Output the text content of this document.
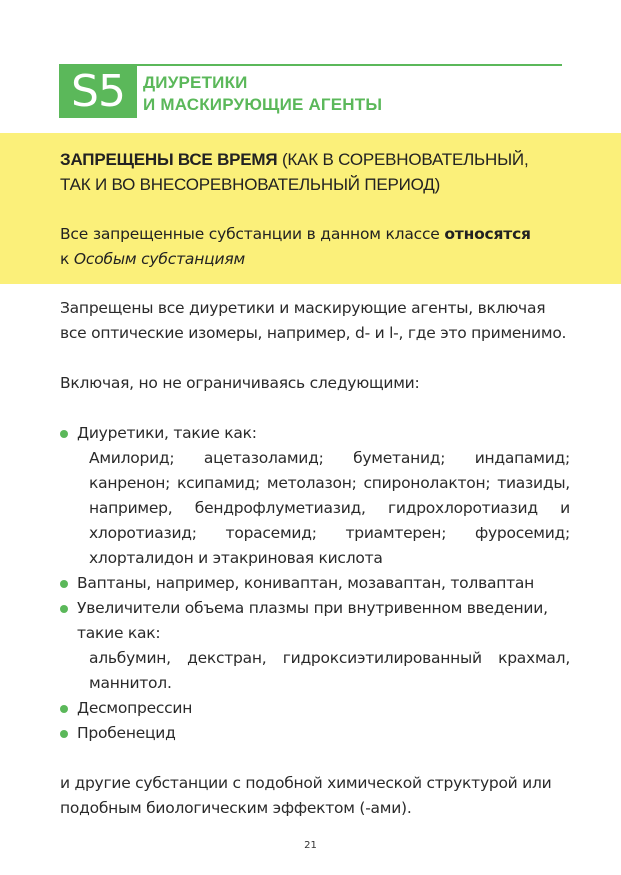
S5	ДИУРЕТИКИ
И МАСКИРУЮЩИЕ АГЕНТЫ
ЗАПРЕЩЕНЫ ВСЕ ВРЕМЯ (КАК В СОРЕВНОВАТЕЛЬНЫЙ,
ТАК И ВО ВНЕСОРЕВНОВАТЕЛЬНЫЙ ПЕРИОД)
Все запрещенные субстанции в данном классе относятся
к Особым субстанциям

Запрещены все диуретики и маскирующие агенты, включая все оптические изомеры, например, d- и l-, где это применимо.

Включая, но не ограничиваясь следующими:

Диуретики, такие как:
Амилорид; ацетазоламид; буметанид; индапамид; канренон; ксипамид; метолазон; спиронолактон; тиазиды, например, бендрофлуметиазид, гидрохлоротиазид и хлоротиазид; торасемид; триамтерен; фуросемид; хлорталидон и этакриновая кислота
Ваптаны, например, кониваптан, мозаваптан, толваптан
Увеличители объема плазмы при внутривенном введении, такие как:
альбумин, декстран, гидроксиэтилированный крахмал, маннитол.
Десмопрессин
Пробенецид

и другие субстанции с подобной химической структурой или подобным биологическим эффектом (-ами).

21
